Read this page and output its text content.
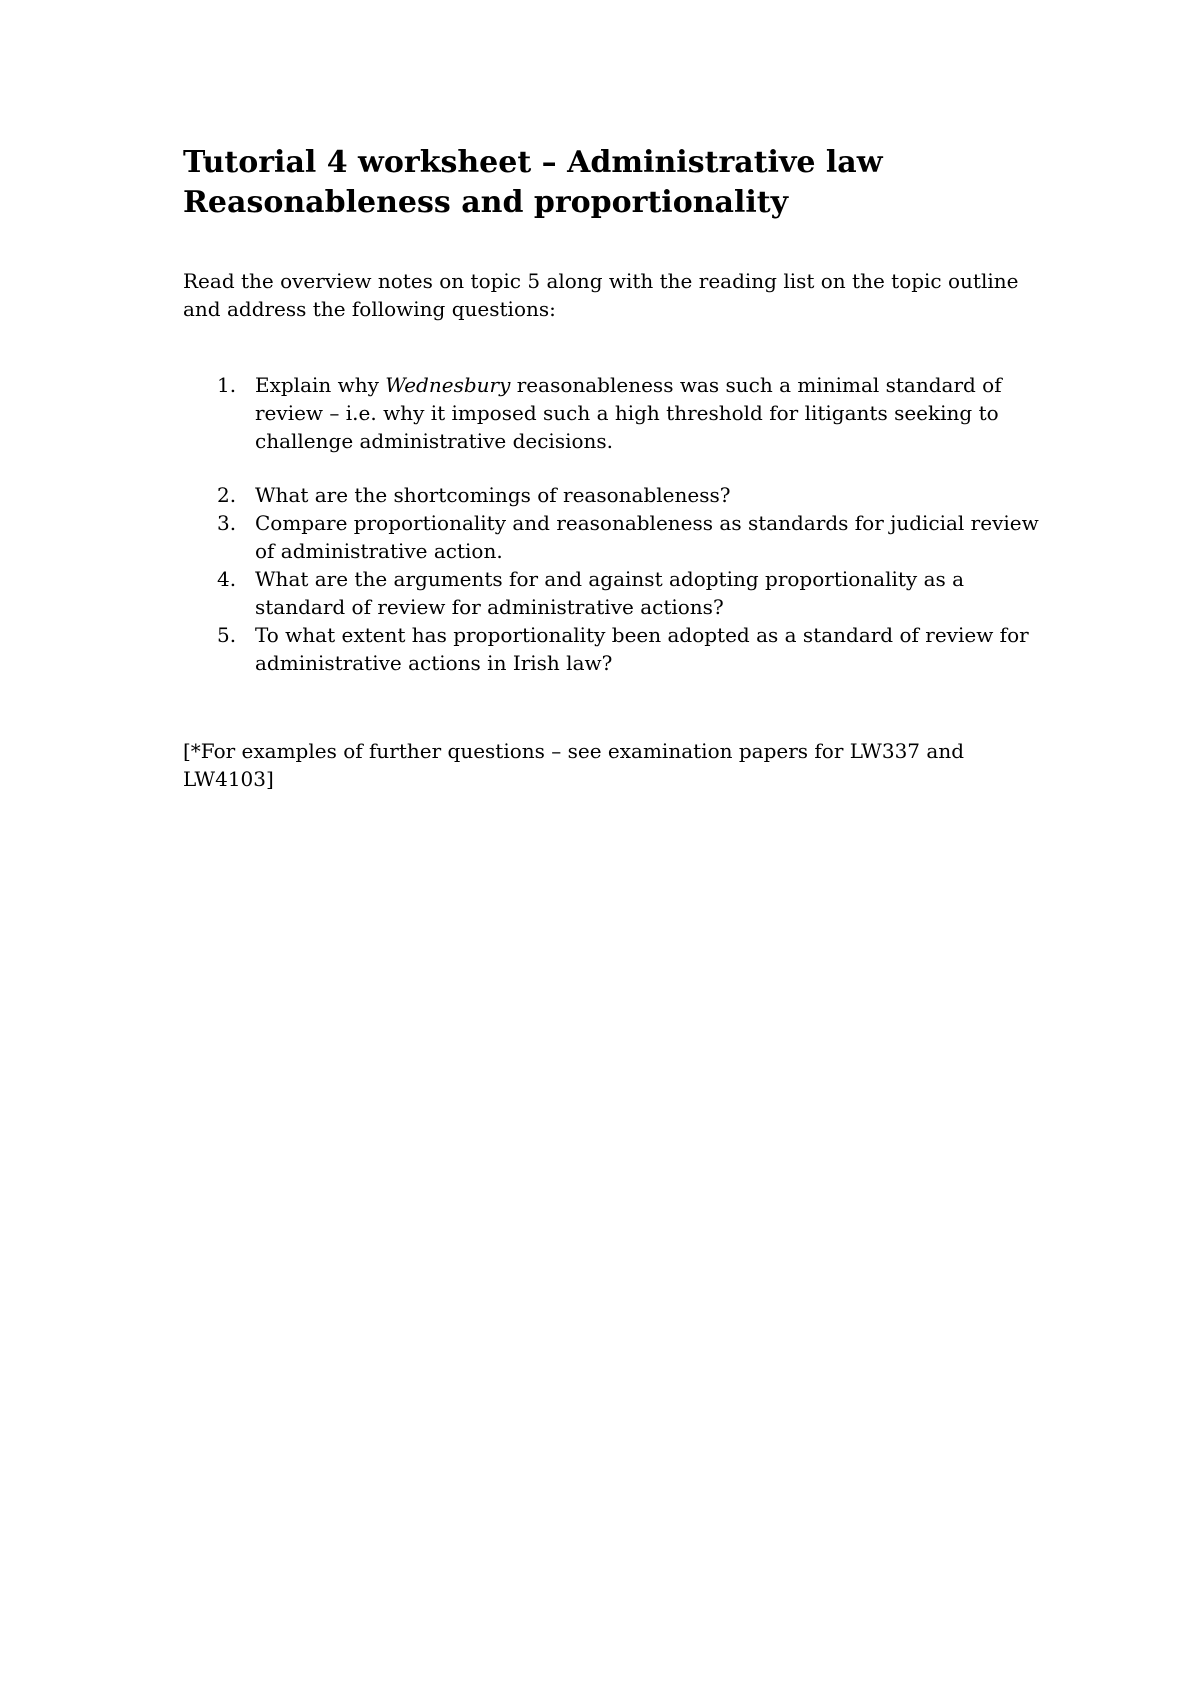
Tutorial 4 worksheet – Administrative law
Reasonableness and proportionality

Read the overview notes on topic 5 along with the reading list on the topic outline and address the following questions:

1. Explain why Wednesbury reasonableness was such a minimal standard of review – i.e. why it imposed such a high threshold for litigants seeking to challenge administrative decisions.
2. What are the shortcomings of reasonableness?
3. Compare proportionality and reasonableness as standards for judicial review of administrative action.
4. What are the arguments for and against adopting proportionality as a standard of review for administrative actions?
5. To what extent has proportionality been adopted as a standard of review for administrative actions in Irish law?

[*For examples of further questions – see examination papers for LW337 and LW4103]
